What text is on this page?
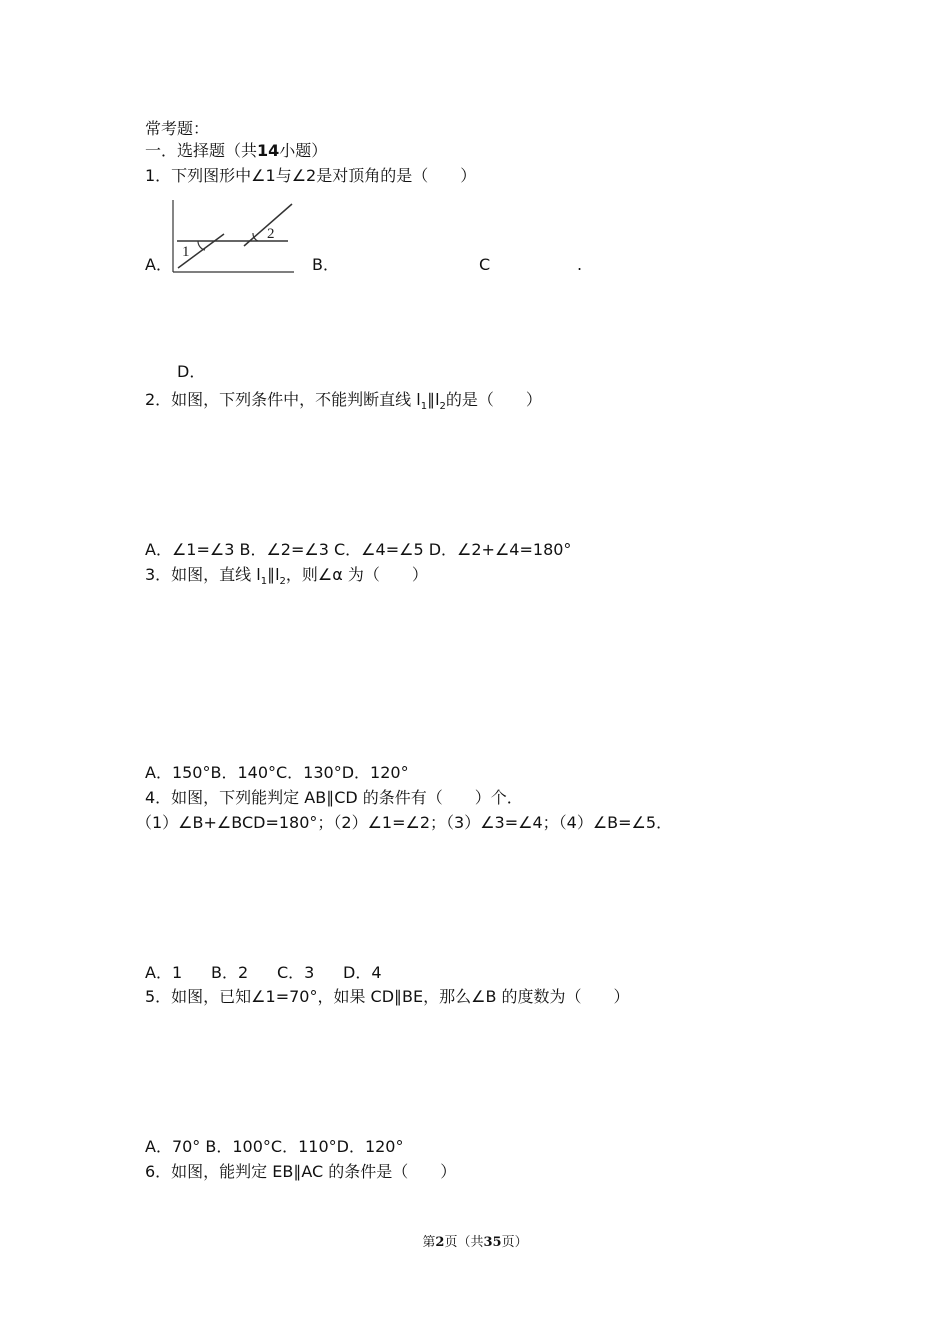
常考题：
一．选择题（共14小题）
1．下列图形中∠1与∠2是对顶角的是（　　）
A．
1
2
B．	C	.
D．
2．如图，下列条件中，不能判断直线 $l_1\parallel l_2$的是（　　）
A．∠1=∠3 B．∠2=∠3 C．∠4=∠5 D．∠2+∠4=180°
3．如图，直线 $l_1\parallel l_2$，则∠α 为（　　）
A．150°B．140°C．130°D．120°
4．如图，下列能判定 AB∥CD 的条件有（　　）个．
（1）∠B+∠BCD=180°；（2）∠1=∠2；（3）∠3=∠4；（4）∠B=∠5．
A．1 B．2 C．3 D．4
5．如图，已知∠1=70°，如果 CD∥BE，那么∠B 的度数为（　　）
A．70° B．100°C．110°D．120°
6．如图，能判定 EB∥AC 的条件是（　　）
第2页（共35页）
